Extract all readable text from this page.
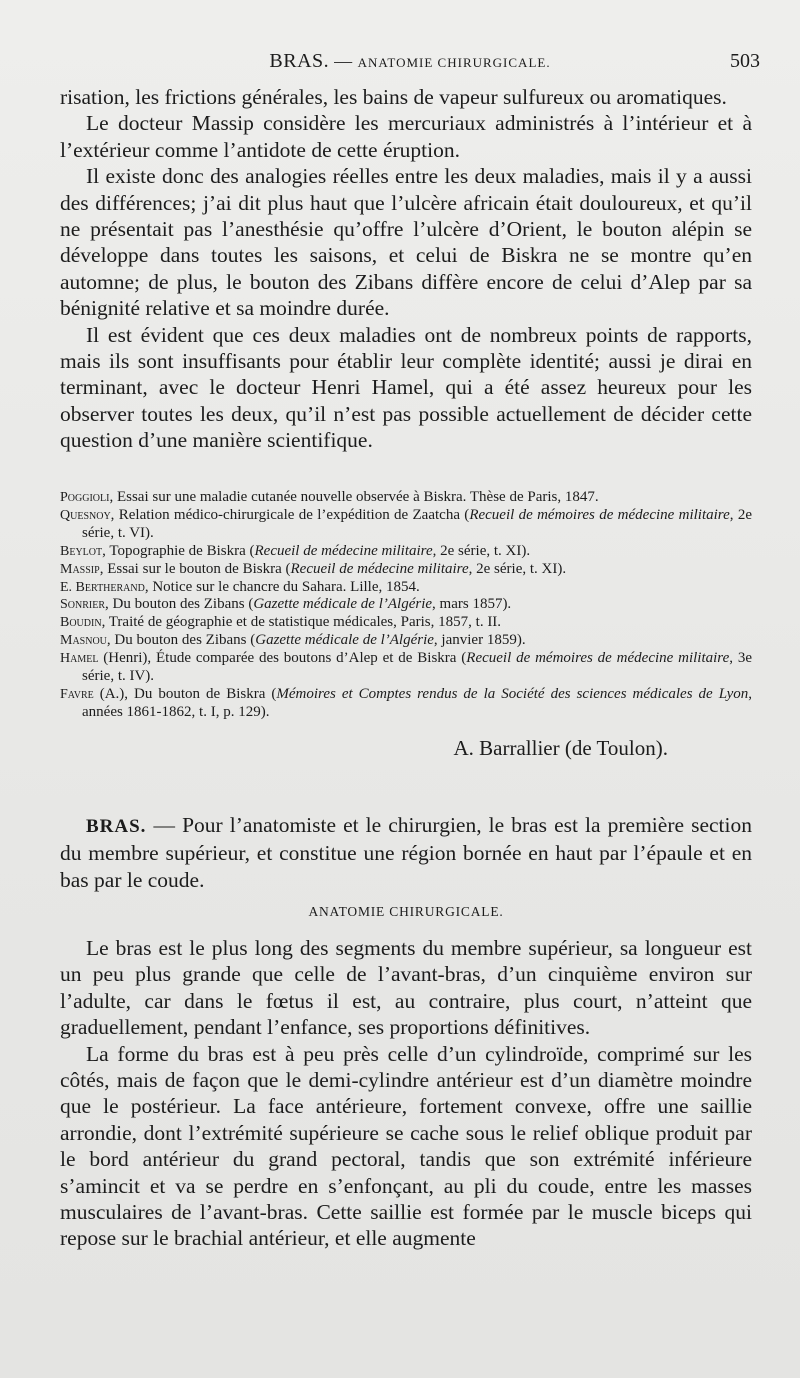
BRAS. — ANATOMIE CHIRURGICALE.	503

risation, les frictions générales, les bains de vapeur sulfureux ou aromatiques.

Le docteur Massip considère les mercuriaux administrés à l’intérieur et à l’extérieur comme l’antidote de cette éruption.

Il existe donc des analogies réelles entre les deux maladies, mais il y a aussi des différences; j’ai dit plus haut que l’ulcère africain était douloureux, et qu’il ne présentait pas l’anesthésie qu’offre l’ulcère d’Orient, le bouton alépin se développe dans toutes les saisons, et celui de Biskra ne se montre qu’en automne; de plus, le bouton des Zibans diffère encore de celui d’Alep par sa bénignité relative et sa moindre durée.

Il est évident que ces deux maladies ont de nombreux points de rapports, mais ils sont insuffisants pour établir leur complète identité; aussi je dirai en terminant, avec le docteur Henri Hamel, qui a été assez heureux pour les observer toutes les deux, qu’il n’est pas possible actuellement de décider cette question d’une manière scientifique.

Poggioli, Essai sur une maladie cutanée nouvelle observée à Biskra. Thèse de Paris, 1847.

Quesnoy, Relation médico-chirurgicale de l’expédition de Zaatcha (Recueil de mémoires de médecine militaire, 2e série, t. VI).

Beylot, Topographie de Biskra (Recueil de médecine militaire, 2e série, t. XI).

Massip, Essai sur le bouton de Biskra (Recueil de médecine militaire, 2e série, t. XI).

E. Bertherand, Notice sur le chancre du Sahara. Lille, 1854.

Sonrier, Du bouton des Zibans (Gazette médicale de l’Algérie, mars 1857).

Boudin, Traité de géographie et de statistique médicales, Paris, 1857, t. II.

Masnou, Du bouton des Zibans (Gazette médicale de l’Algérie, janvier 1859).

Hamel (Henri), Étude comparée des boutons d’Alep et de Biskra (Recueil de mémoires de médecine militaire, 3e série, t. IV).

Favre (A.), Du bouton de Biskra (Mémoires et Comptes rendus de la Société des sciences médicales de Lyon, années 1861-1862, t. I, p. 129).

A. Barrallier (de Toulon).

BRAS. — Pour l’anatomiste et le chirurgien, le bras est la première section du membre supérieur, et constitue une région bornée en haut par l’épaule et en bas par le coude.

ANATOMIE CHIRURGICALE.

Le bras est le plus long des segments du membre supérieur, sa longueur est un peu plus grande que celle de l’avant-bras, d’un cinquième environ sur l’adulte, car dans le fœtus il est, au contraire, plus court, n’atteint que graduellement, pendant l’enfance, ses proportions définitives.

La forme du bras est à peu près celle d’un cylindroïde, comprimé sur les côtés, mais de façon que le demi-cylindre antérieur est d’un diamètre moindre que le postérieur. La face antérieure, fortement convexe, offre une saillie arrondie, dont l’extrémité supérieure se cache sous le relief oblique produit par le bord antérieur du grand pectoral, tandis que son extrémité inférieure s’amincit et va se perdre en s’enfonçant, au pli du coude, entre les masses musculaires de l’avant-bras. Cette saillie est formée par le muscle biceps qui repose sur le brachial antérieur, et elle augmente
